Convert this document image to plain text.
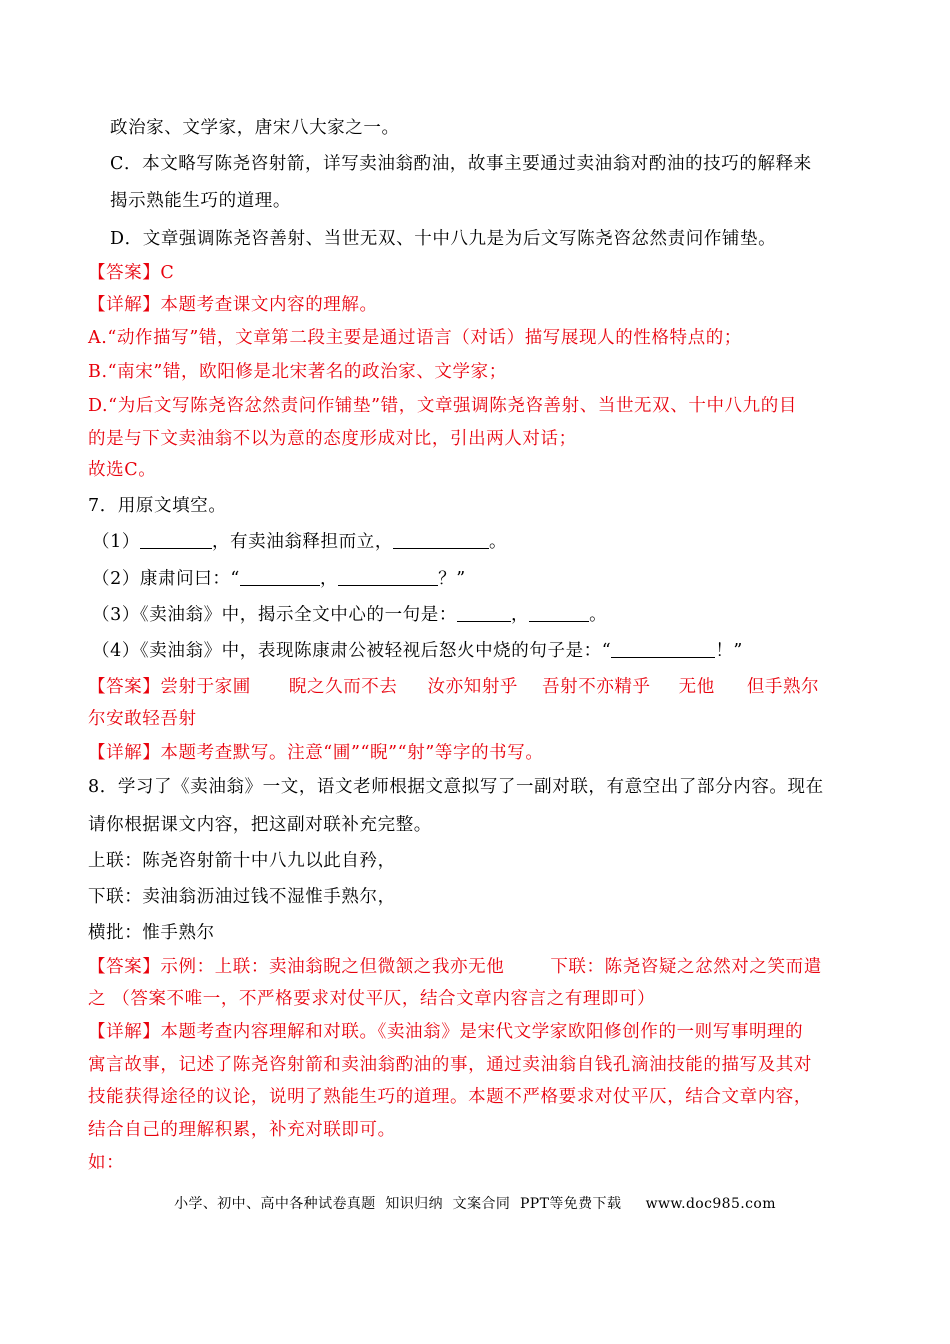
政治家、文学家，唐宋八大家之一。
C．本文略写陈尧咨射箭，详写卖油翁酌油，故事主要通过卖油翁对酌油的技巧的解释来
揭示熟能生巧的道理。
D．文章强调陈尧咨善射、当世无双、十中八九是为后文写陈尧咨忿然责问作铺垫。
【答案】C
【详解】本题考查课文内容的理解。
A.“动作描写”错，文章第二段主要是通过语言（对话）描写展现人的性格特点的；
B.“南宋”错，欧阳修是北宋著名的政治家、文学家；
D.“为后文写陈尧咨忿然责问作铺垫”错，文章强调陈尧咨善射、当世无双、十中八九的目
的是与下文卖油翁不以为意的态度形成对比，引出两人对话；
故选C。
7．用原文填空。
（1）	，有卖油翁释担而立，	。
（2）康肃问曰：“	，	？”
（3）《卖油翁》中，揭示全文中心的一句是：	，	。
（4）《卖油翁》中，表现陈康肃公被轻视后怒火中烧的句子是：“	！”
【答案】尝射于家圃 睨之久而不去 汝亦知射乎 吾射不亦精乎 无他 但手熟尔
尔安敢轻吾射
【详解】本题考查默写。注意“圃”“睨”“射”等字的书写。
8．学习了《卖油翁》一文，语文老师根据文意拟写了一副对联，有意空出了部分内容。现在
请你根据课文内容，把这副对联补充完整。
上联：陈尧咨射箭十中八九以此自矜，
下联：卖油翁沥油过钱不湿惟手熟尔，
横批：惟手熟尔
【答案】示例：上联：卖油翁睨之但微颔之我亦无他	下联：陈尧咨疑之忿然对之笑而遣
之 （答案不唯一，不严格要求对仗平仄，结合文章内容言之有理即可）
【详解】本题考查内容理解和对联。《卖油翁》是宋代文学家欧阳修创作的一则写事明理的
寓言故事，记述了陈尧咨射箭和卖油翁酌油的事，通过卖油翁自钱孔滴油技能的描写及其对
技能获得途径的议论，说明了熟能生巧的道理。本题不严格要求对仗平仄，结合文章内容，
结合自己的理解积累，补充对联即可。
如：
小学、初中、高中各种试卷真题  知识归纳  文案合同  PPT等免费下载     www.doc985.com
